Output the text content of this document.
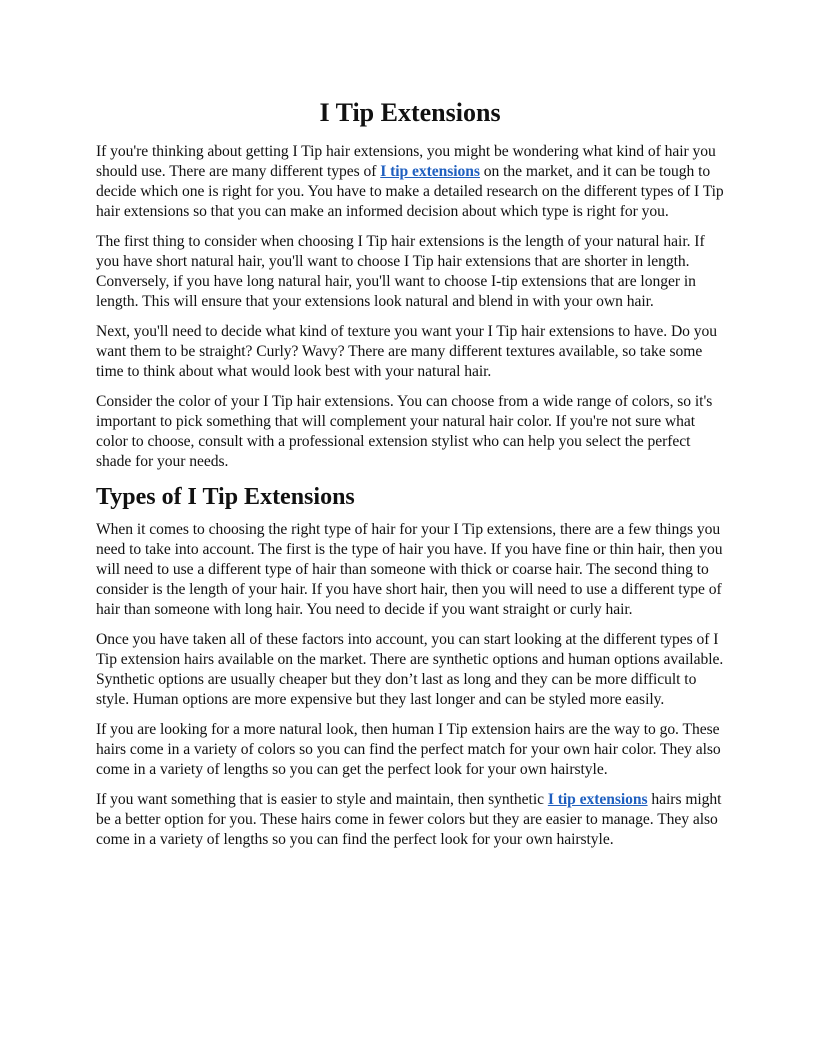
I Tip Extensions

If you're thinking about getting I Tip hair extensions, you might be wondering what kind of hair you should use. There are many different types of I tip extensions on the market, and it can be tough to decide which one is right for you. You have to make a detailed research on the different types of I Tip hair extensions so that you can make an informed decision about which type is right for you.

The first thing to consider when choosing I Tip hair extensions is the length of your natural hair. If you have short natural hair, you'll want to choose I Tip hair extensions that are shorter in length. Conversely, if you have long natural hair, you'll want to choose I-tip extensions that are longer in length. This will ensure that your extensions look natural and blend in with your own hair.

Next, you'll need to decide what kind of texture you want your I Tip hair extensions to have. Do you want them to be straight? Curly? Wavy? There are many different textures available, so take some time to think about what would look best with your natural hair.

Consider the color of your I Tip hair extensions. You can choose from a wide range of colors, so it's important to pick something that will complement your natural hair color. If you're not sure what color to choose, consult with a professional extension stylist who can help you select the perfect shade for your needs.

Types of I Tip Extensions

When it comes to choosing the right type of hair for your I Tip extensions, there are a few things you need to take into account. The first is the type of hair you have. If you have fine or thin hair, then you will need to use a different type of hair than someone with thick or coarse hair. The second thing to consider is the length of your hair. If you have short hair, then you will need to use a different type of hair than someone with long hair. You need to decide if you want straight or curly hair.

Once you have taken all of these factors into account, you can start looking at the different types of I Tip extension hairs available on the market. There are synthetic options and human options available. Synthetic options are usually cheaper but they don’t last as long and they can be more difficult to style. Human options are more expensive but they last longer and can be styled more easily.

If you are looking for a more natural look, then human I Tip extension hairs are the way to go. These hairs come in a variety of colors so you can find the perfect match for your own hair color. They also come in a variety of lengths so you can get the perfect look for your own hairstyle.

If you want something that is easier to style and maintain, then synthetic I tip extensions hairs might be a better option for you. These hairs come in fewer colors but they are easier to manage. They also come in a variety of lengths so you can find the perfect look for your own hairstyle.
